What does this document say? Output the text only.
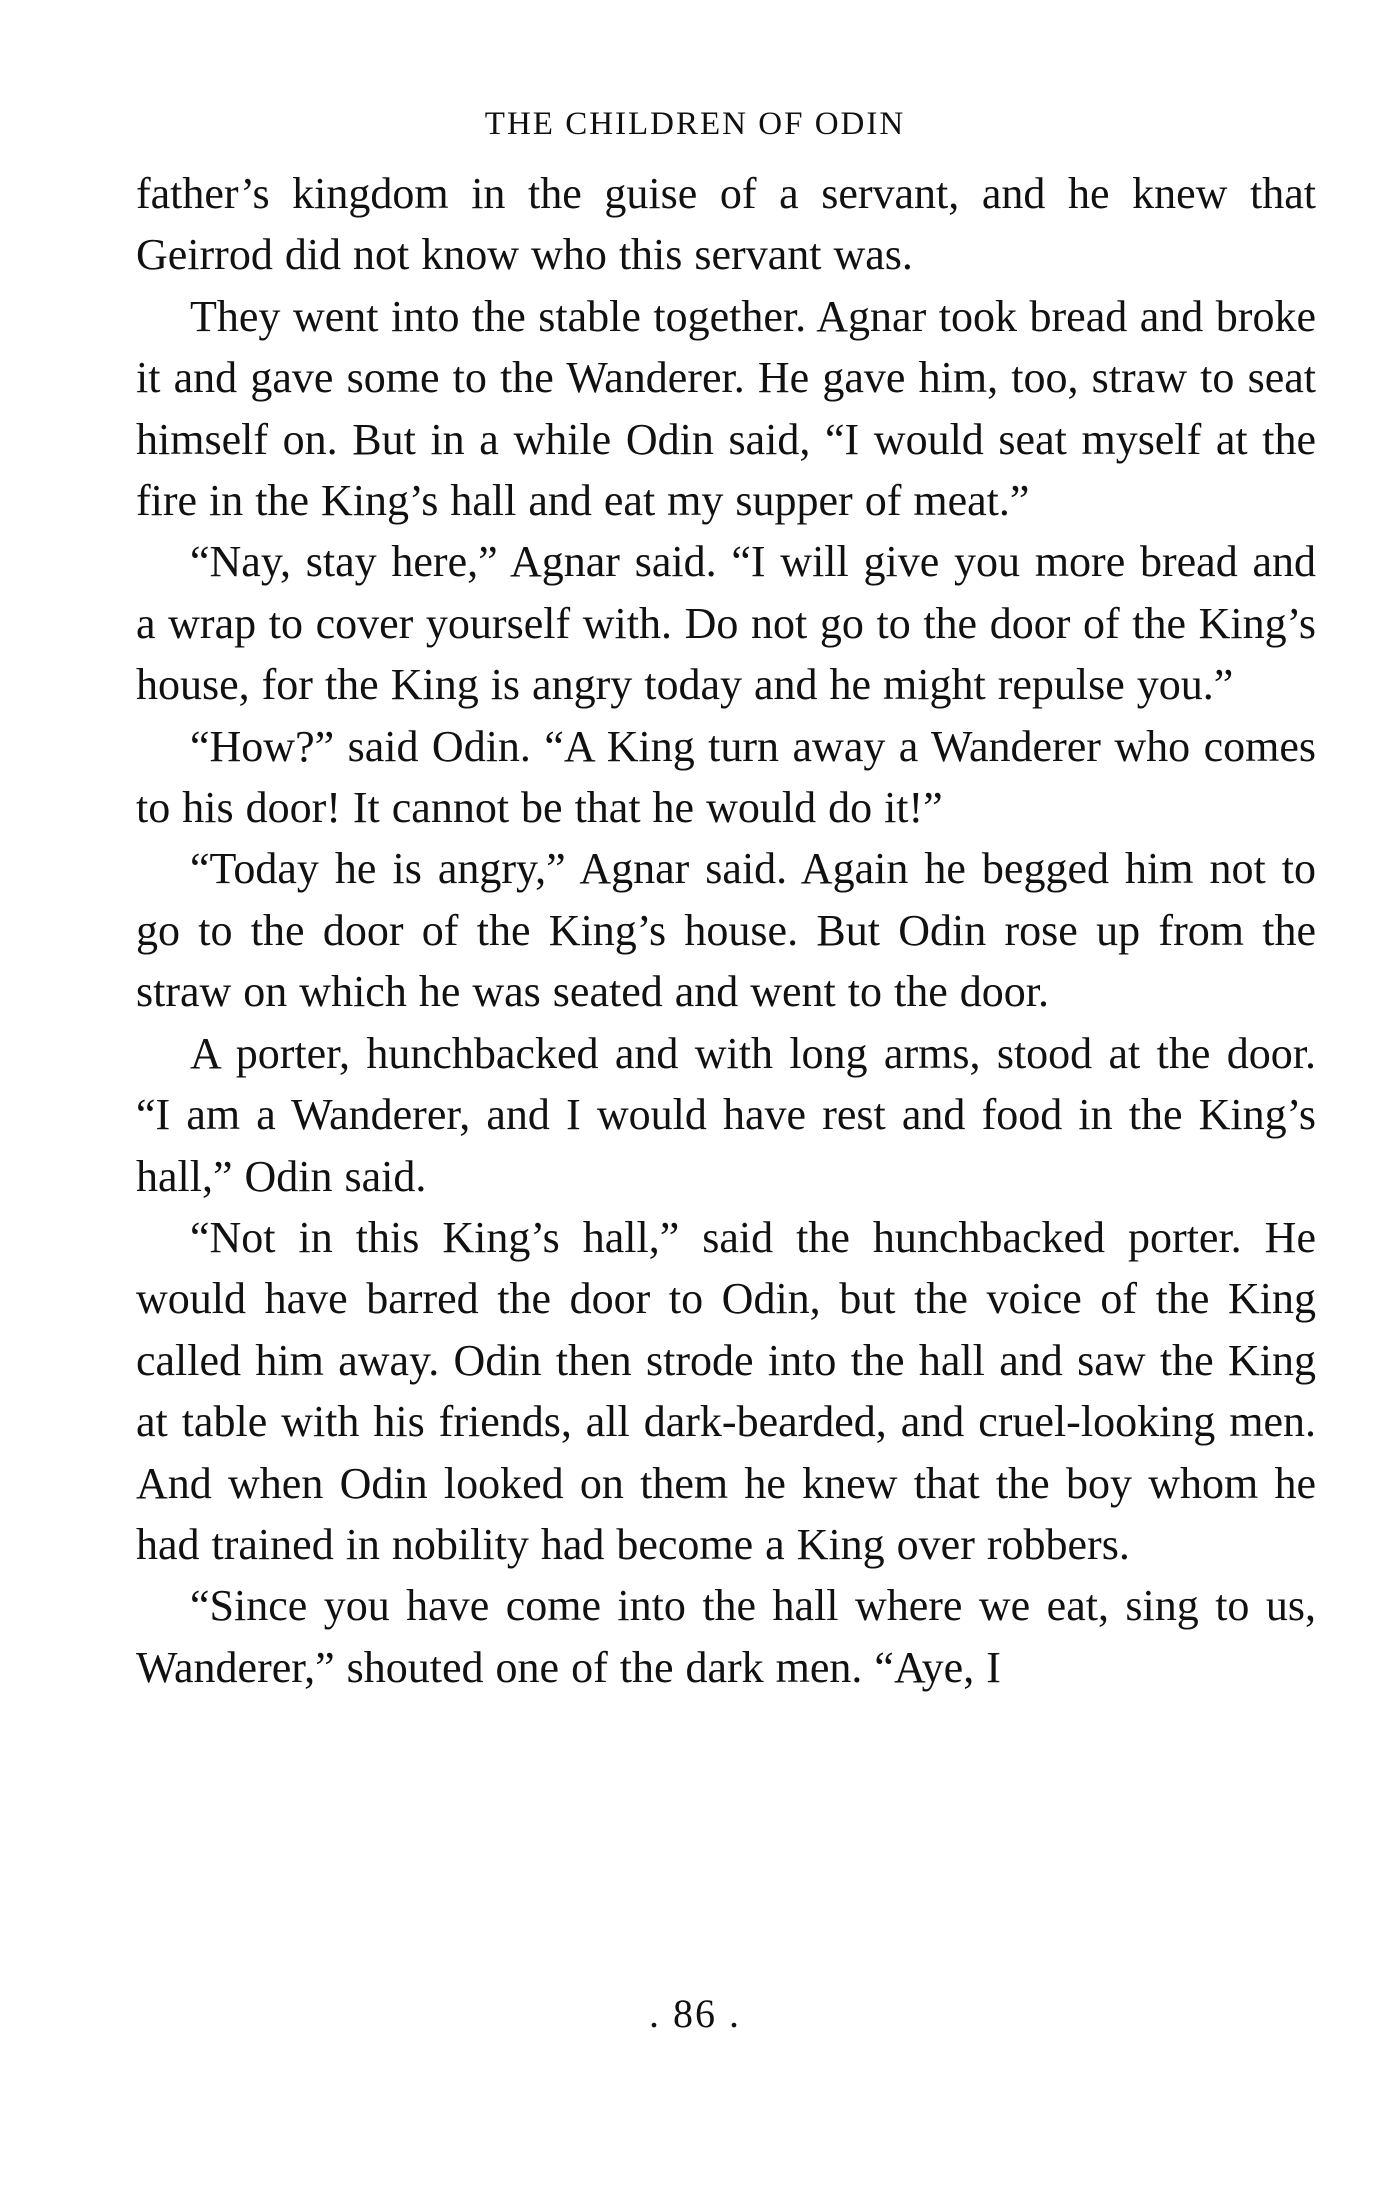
THE CHILDREN OF ODIN

father’s kingdom in the guise of a servant, and he knew that Geirrod did not know who this servant was.

They went into the stable together. Agnar took bread and broke it and gave some to the Wanderer. He gave him, too, straw to seat himself on. But in a while Odin said, “I would seat myself at the fire in the King’s hall and eat my supper of meat.”

“Nay, stay here,” Agnar said. “I will give you more bread and a wrap to cover yourself with. Do not go to the door of the King’s house, for the King is angry today and he might repulse you.”

“How?” said Odin. “A King turn away a Wanderer who comes to his door! It cannot be that he would do it!”

“Today he is angry,” Agnar said. Again he begged him not to go to the door of the King’s house. But Odin rose up from the straw on which he was seated and went to the door.

A porter, hunchbacked and with long arms, stood at the door. “I am a Wanderer, and I would have rest and food in the King’s hall,” Odin said.

“Not in this King’s hall,” said the hunchbacked porter. He would have barred the door to Odin, but the voice of the King called him away. Odin then strode into the hall and saw the King at table with his friends, all dark-bearded, and cruel-looking men. And when Odin looked on them he knew that the boy whom he had trained in nobility had become a King over robbers.

“Since you have come into the hall where we eat, sing to us, Wanderer,” shouted one of the dark men. “Aye, I

. 86 .
